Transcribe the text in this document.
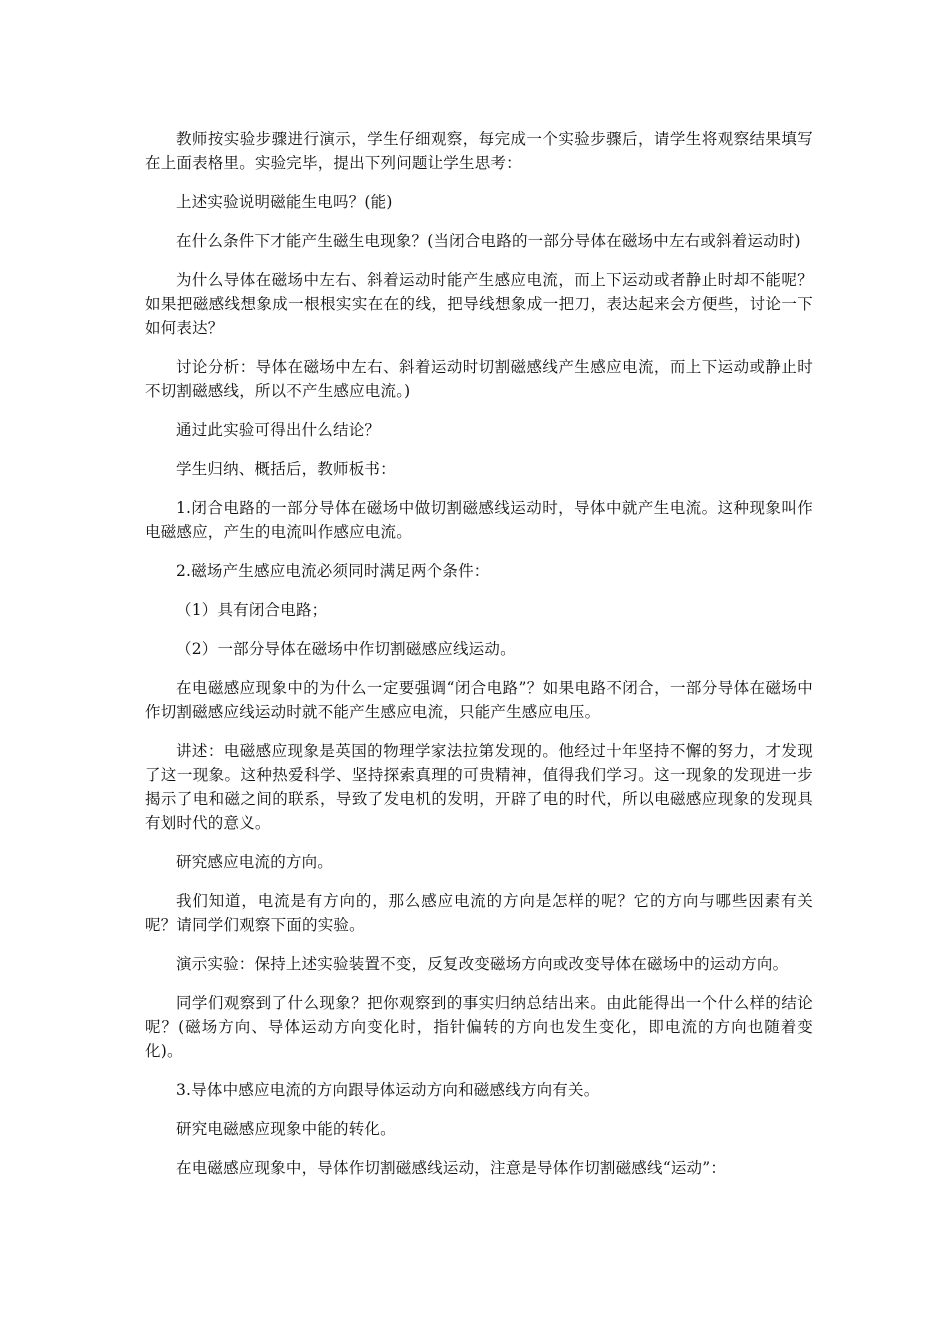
教师按实验步骤进行演示，学生仔细观察，每完成一个实验步骤后，请学生将观察结果填写在上面表格里。实验完毕，提出下列问题让学生思考：

上述实验说明磁能生电吗？(能)

在什么条件下才能产生磁生电现象？(当闭合电路的一部分导体在磁场中左右或斜着运动时)

为什么导体在磁场中左右、斜着运动时能产生感应电流，而上下运动或者静止时却不能呢？如果把磁感线想象成一根根实实在在的线，把导线想象成一把刀，表达起来会方便些，讨论一下如何表达？

讨论分析：导体在磁场中左右、斜着运动时切割磁感线产生感应电流，而上下运动或静止时不切割磁感线，所以不产生感应电流。)

通过此实验可得出什么结论？

学生归纳、概括后，教师板书：

1.闭合电路的一部分导体在磁场中做切割磁感线运动时，导体中就产生电流。这种现象叫作电磁感应，产生的电流叫作感应电流。

2.磁场产生感应电流必须同时满足两个条件：

（1）具有闭合电路；

（2）一部分导体在磁场中作切割磁感应线运动。

在电磁感应现象中的为什么一定要强调“闭合电路”？如果电路不闭合，一部分导体在磁场中作切割磁感应线运动时就不能产生感应电流，只能产生感应电压。

讲述：电磁感应现象是英国的物理学家法拉第发现的。他经过十年坚持不懈的努力，才发现了这一现象。这种热爱科学、坚持探索真理的可贵精神，值得我们学习。这一现象的发现进一步揭示了电和磁之间的联系，导致了发电机的发明，开辟了电的时代，所以电磁感应现象的发现具有划时代的意义。

研究感应电流的方向。

我们知道，电流是有方向的，那么感应电流的方向是怎样的呢？它的方向与哪些因素有关呢？请同学们观察下面的实验。

演示实验：保持上述实验装置不变，反复改变磁场方向或改变导体在磁场中的运动方向。

同学们观察到了什么现象？把你观察到的事实归纳总结出来。由此能得出一个什么样的结论呢？(磁场方向、导体运动方向变化时，指针偏转的方向也发生变化，即电流的方向也随着变化)。

3.导体中感应电流的方向跟导体运动方向和磁感线方向有关。

研究电磁感应现象中能的转化。

在电磁感应现象中，导体作切割磁感线运动，注意是导体作切割磁感线“运动”：
